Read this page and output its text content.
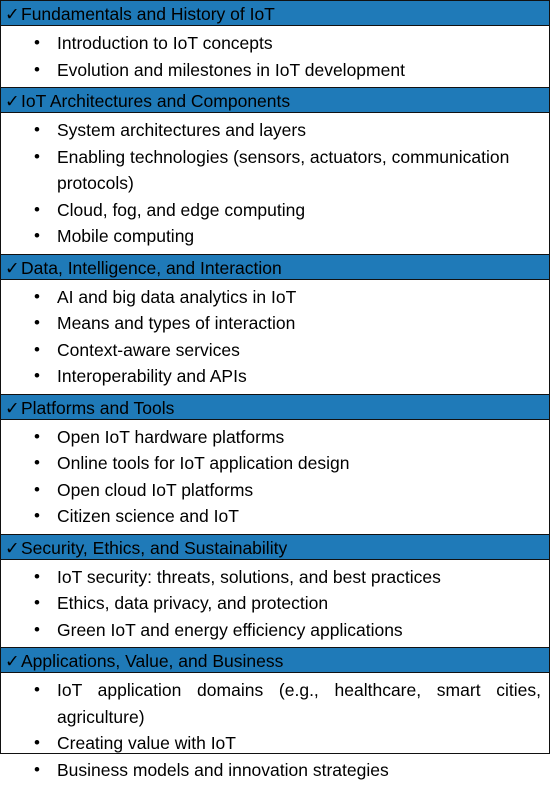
✓Fundamentals and History of IoT
• Introduction to IoT concepts
• Evolution and milestones in IoT development
✓IoT Architectures and Components
• System architectures and layers
• Enabling technologies (sensors, actuators, communication protocols)
• Cloud, fog, and edge computing
• Mobile computing
✓Data, Intelligence, and Interaction
• AI and big data analytics in IoT
• Means and types of interaction
• Context-aware services
• Interoperability and APIs
✓Platforms and Tools
• Open IoT hardware platforms
• Online tools for IoT application design
• Open cloud IoT platforms
• Citizen science and IoT
✓Security, Ethics, and Sustainability
• IoT security: threats, solutions, and best practices
• Ethics, data privacy, and protection
• Green IoT and energy efficiency applications
✓Applications, Value, and Business
• IoT application domains (e.g., healthcare, smart cities, agriculture)
• Creating value with IoT
• Business models and innovation strategies
